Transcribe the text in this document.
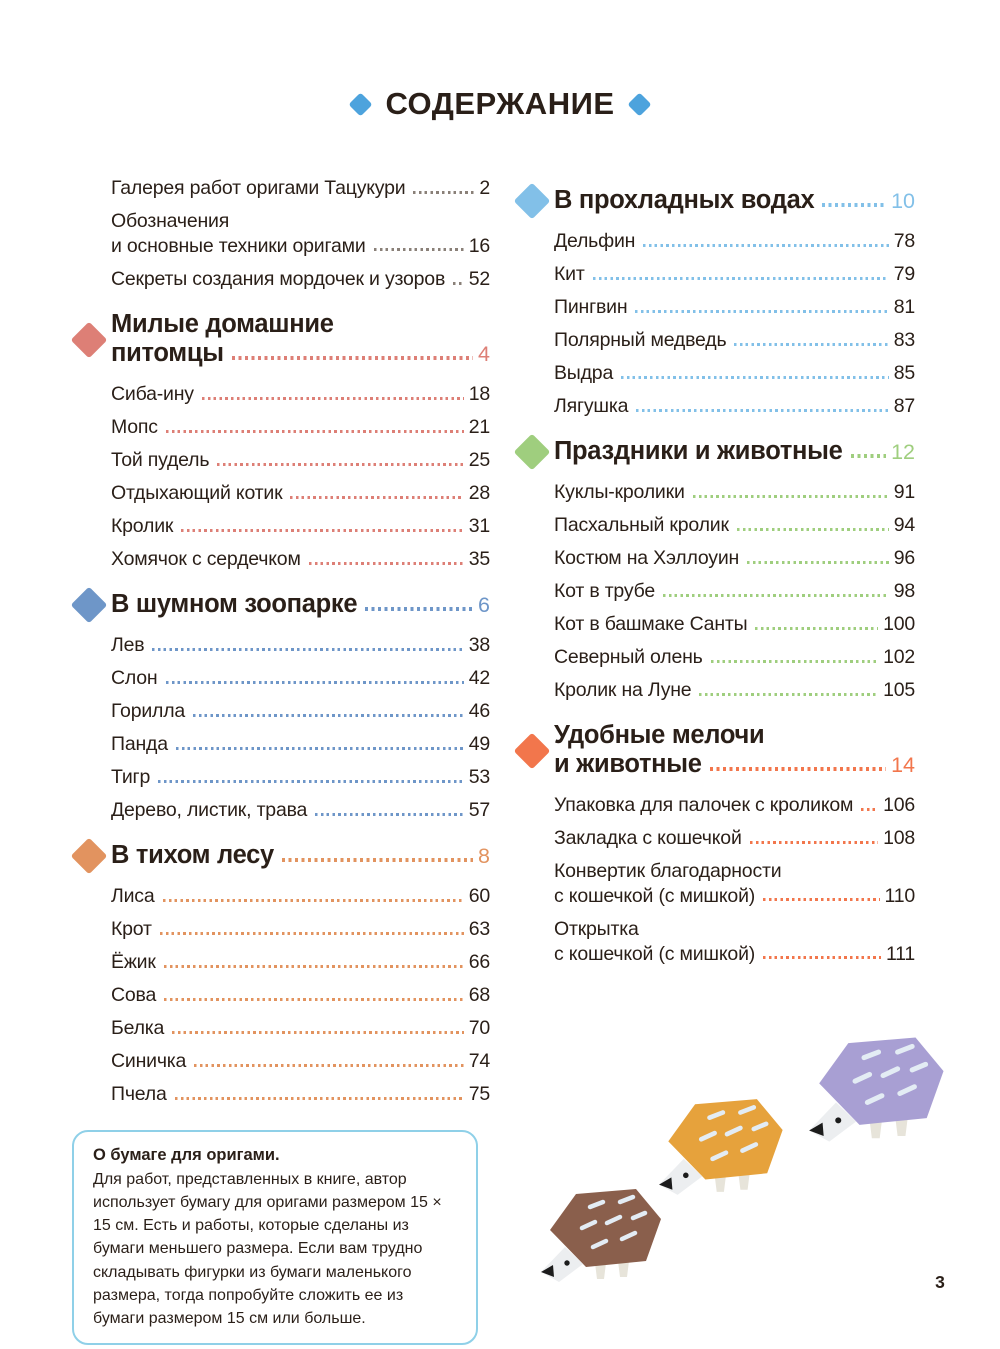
СОДЕРЖАНИЕ
Галерея работ оригами Тацукури	2
Обозначения
и основные техники оригами	16
Секреты создания мордочек и узоров 52
Милые домашние
питомцы	4
Сиба-ину	18
Мопс	21
Той пудель	25
Отдыхающий котик	28
Кролик	31
Хомячок с сердечком	35
В шумном зоопарке	6
Лев	38
Слон	42
Горилла	46
Панда	49
Тигр	53
Дерево, листик, трава	57
В тихом лесу	8
Лиса	60
Крот	63
Ёжик	66
Сова	68
Белка	70
Синичка	74
Пчела	75
В прохладных водах	10
Дельфин	78
Кит	79
Пингвин	81
Полярный медведь	83
Выдра	85
Лягушка	87
Праздники и животные 12
Куклы-кролики	91
Пасхальный кролик	94
Костюм на Хэллоуин	96
Кот в трубе	98
Кот в башмаке Санты	100
Северный олень	102
Кролик на Луне	105
Удобные мелочи
и животные	14
Упаковка для палочек с кроликом 106
Закладка с кошечкой	108
Конвертик благодарности
с кошечкой (с мишкой)	110
Открытка
с кошечкой (с мишкой)	111
О бумаге для оригами.
Для работ, представленных в книге, автор использует бумагу для оригами размером 15 × 15 см. Есть и работы, которые сделаны из бумаги меньшего размера. Если вам трудно складывать фигурки из бумаги маленького размера, тогда попробуйте сложить ее из бумаги размером 15 см или больше.
3
